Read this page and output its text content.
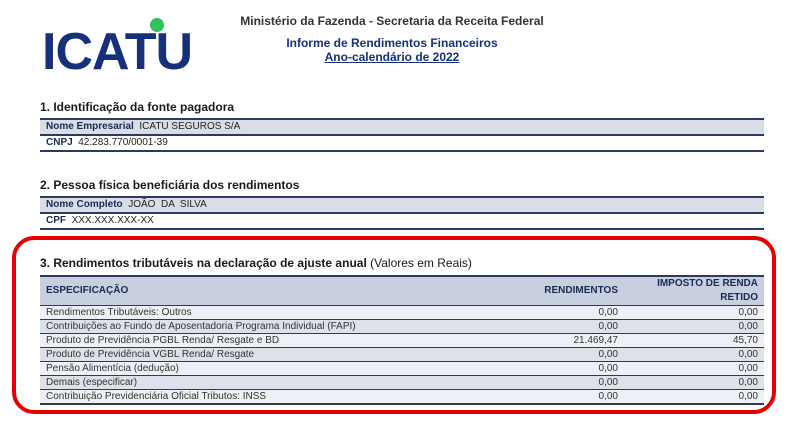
ICATU
Ministério da Fazenda - Secretaria da Receita Federal
Informe de Rendimentos Financeiros
Ano-calendário de 2022
1. Identificação da fonte pagadora
Nome Empresarial ICATU SEGUROS S/A
CNPJ 42.283.770/0001-39
2. Pessoa física beneficiária dos rendimentos
Nome Completo JOÃO  DA  SILVA
CPF XXX.XXX.XXX-XX
3. Rendimentos tributáveis na declaração de ajuste anual (Valores em Reais)
ESPECIFICAÇÃO	RENDIMENTOS	IMPOSTO DE RENDA RETIDO
Rendimentos Tributáveis: Outros	0,00	0,00
Contribuições ao Fundo de Aposentadoria Programa Individual (FAPI)	0,00	0,00
Produto de Previdência PGBL Renda/ Resgate e BD	21.469,47	45,70
Produto de Previdência VGBL Renda/ Resgate	0,00	0,00
Pensão Alimentícia (dedução)	0,00	0,00
Demais (especificar)	0,00	0,00
Contribuição Previdenciária Oficial Tributos: INSS	0,00	0,00
